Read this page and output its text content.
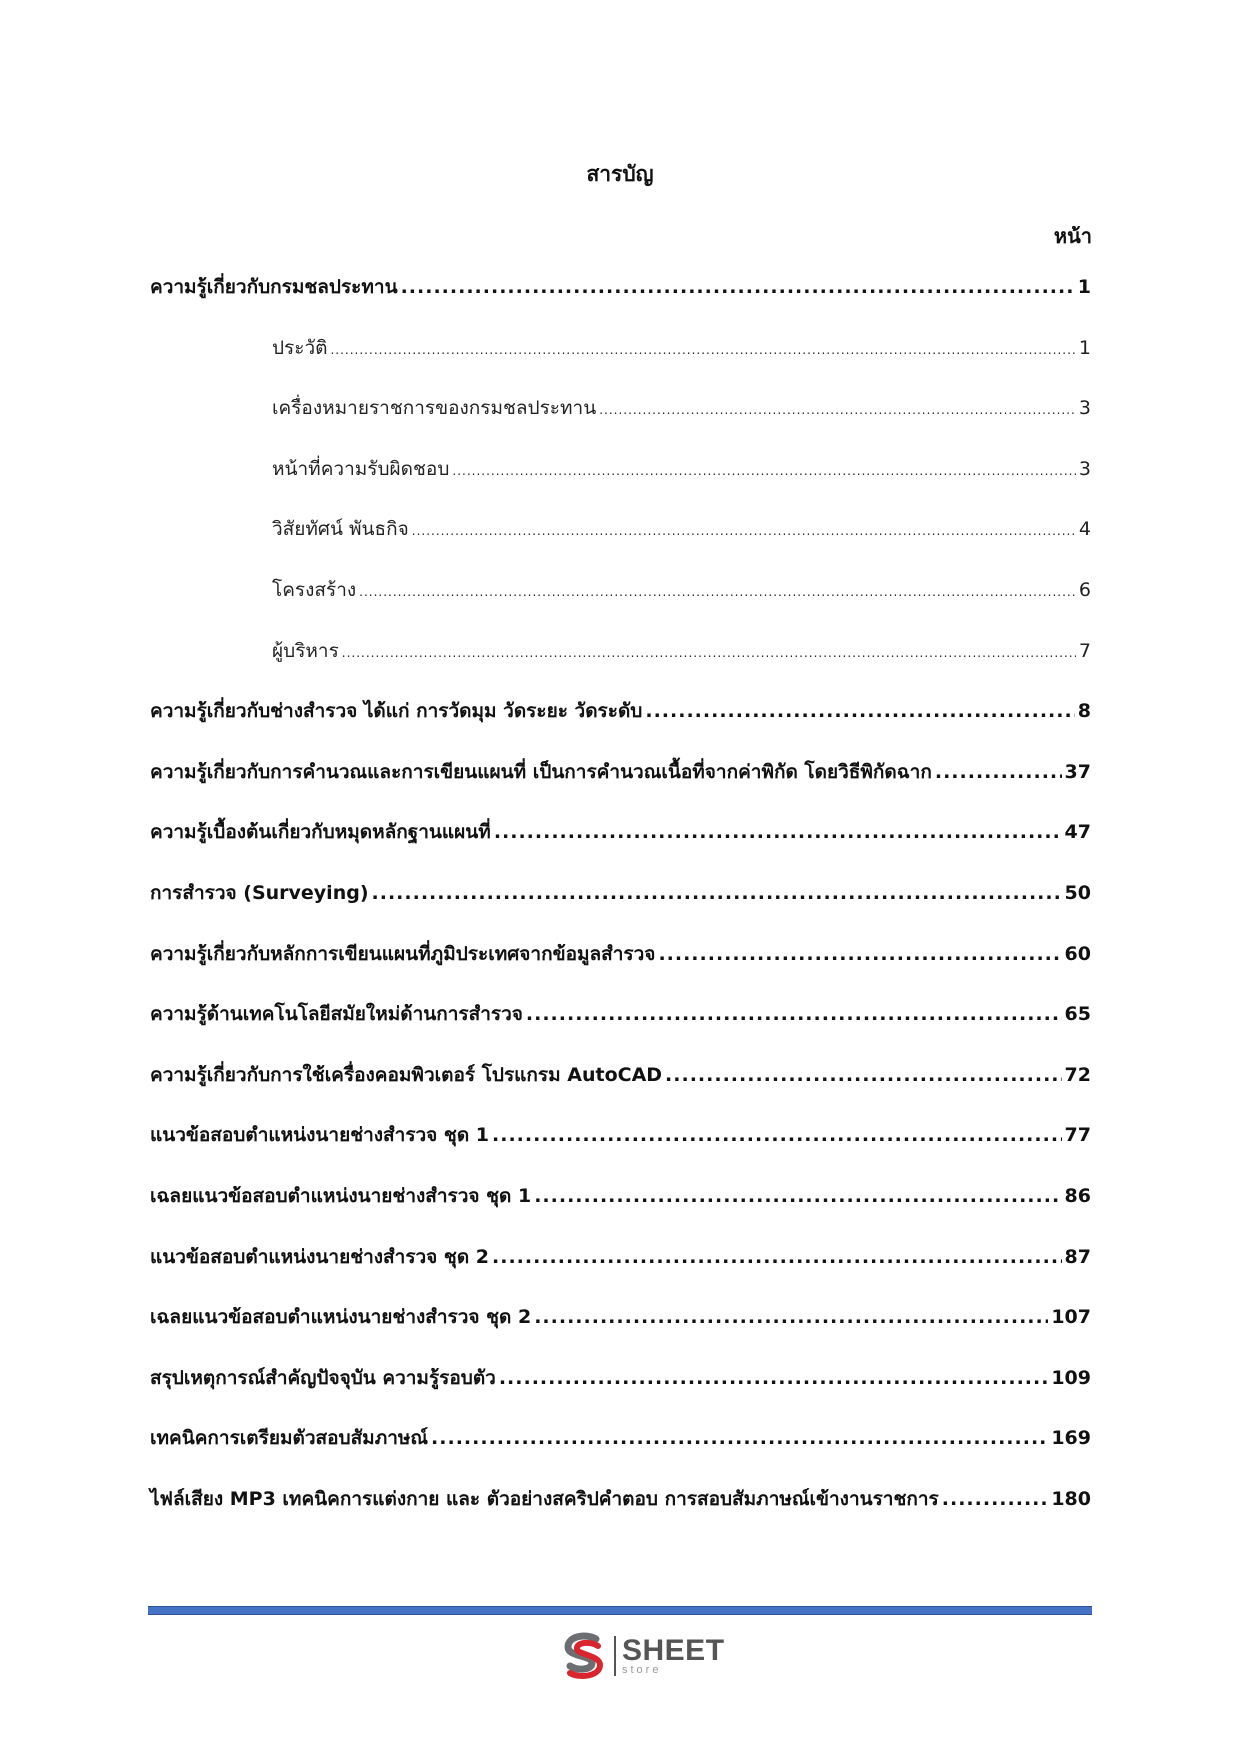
สารบัญ
หน้า
ความรู้เกี่ยวกับกรมชลประทาน .....	1
ประวัติ .....	1
เครื่องหมายราชการของกรมชลประทาน .....	3
หน้าที่ความรับผิดชอบ .....	3
วิสัยทัศน์ พันธกิจ .....	4
โครงสร้าง .....	6
ผู้บริหาร .....	7
ความรู้เกี่ยวกับช่างสำรวจ ได้แก่ การวัดมุม วัดระยะ วัดระดับ .....	8
ความรู้เกี่ยวกับการคำนวณและการเขียนแผนที่ เป็นการคำนวณเนื้อที่จากค่าพิกัด โดยวิธีพิกัดฉาก .....	37
ความรู้เบื้องต้นเกี่ยวกับหมุดหลักฐานแผนที่ .....	47
การสำรวจ (Surveying) .....	50
ความรู้เกี่ยวกับหลักการเขียนแผนที่ภูมิประเทศจากข้อมูลสำรวจ .....	60
ความรู้ด้านเทคโนโลยีสมัยใหม่ด้านการสำรวจ .....	65
ความรู้เกี่ยวกับการใช้เครื่องคอมพิวเตอร์ โปรแกรม AutoCAD .....	72
แนวข้อสอบตำแหน่งนายช่างสำรวจ ชุด 1 .....	77
เฉลยแนวข้อสอบตำแหน่งนายช่างสำรวจ ชุด 1 .....	86
แนวข้อสอบตำแหน่งนายช่างสำรวจ ชุด 2 .....	87
เฉลยแนวข้อสอบตำแหน่งนายช่างสำรวจ ชุด 2 .....	107
สรุปเหตุการณ์สำคัญปัจจุบัน ความรู้รอบตัว .....	109
เทคนิคการเตรียมตัวสอบสัมภาษณ์ .....	169
ไฟล์เสียง MP3 เทคนิคการแต่งกาย และ ตัวอย่างสคริปคำตอบ การสอบสัมภาษณ์เข้างานราชการ .....	180
SHEET
store
